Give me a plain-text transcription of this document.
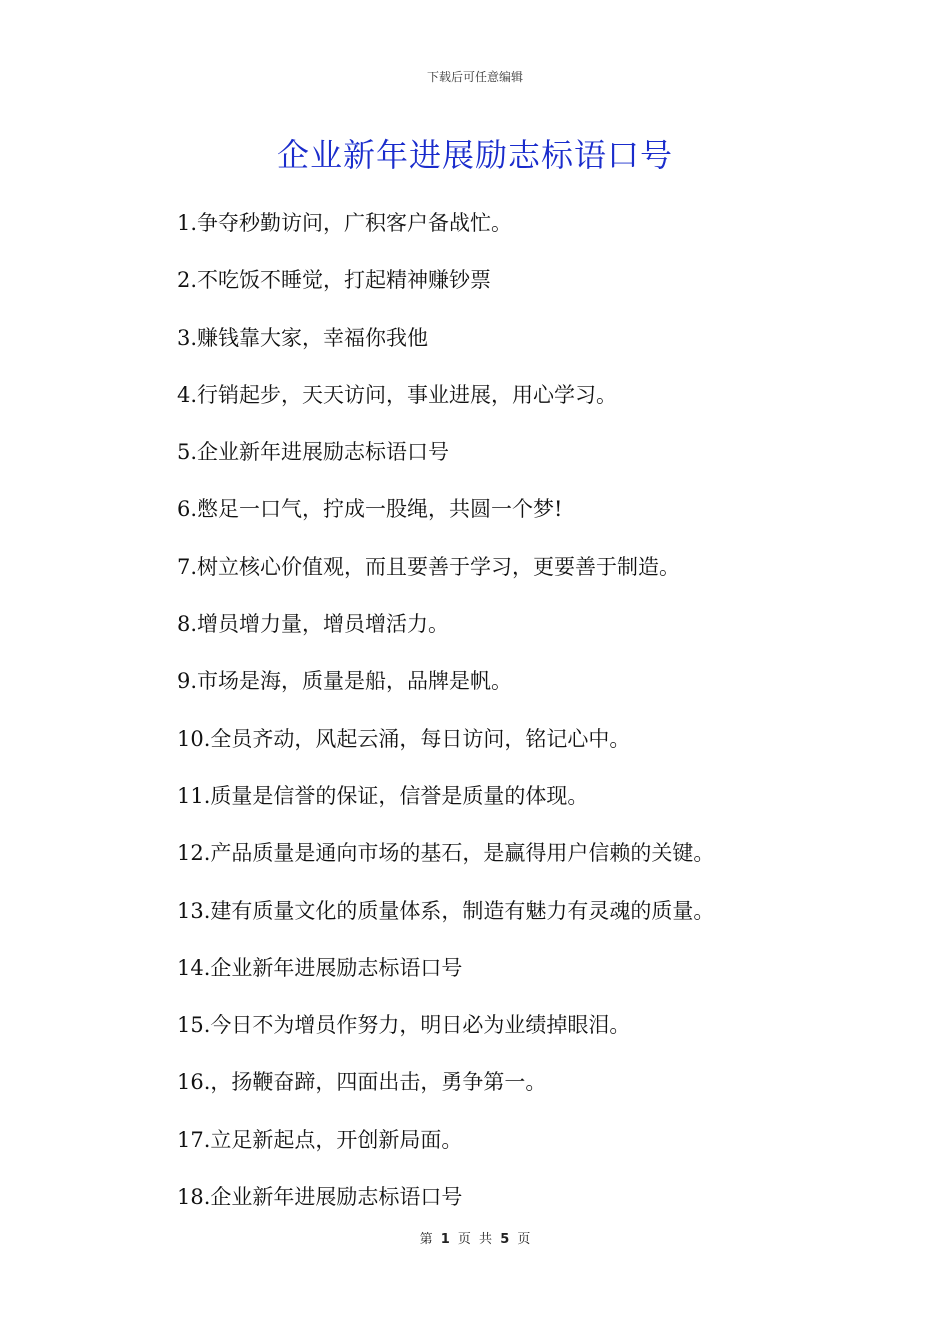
下载后可任意编辑
企业新年进展励志标语口号
1.争夺秒勤访问，广积客户备战忙。
2.不吃饭不睡觉，打起精神赚钞票
3.赚钱靠大家，幸福你我他
4.行销起步，天天访问，事业进展，用心学习。
5.企业新年进展励志标语口号
6.憋足一口气，拧成一股绳，共圆一个梦!
7.树立核心价值观，而且要善于学习，更要善于制造。
8.增员增力量，增员增活力。
9.市场是海，质量是船，品牌是帆。
10.全员齐动，风起云涌，每日访问，铭记心中。
11.质量是信誉的保证，信誉是质量的体现。
12.产品质量是通向市场的基石，是赢得用户信赖的关键。
13.建有质量文化的质量体系，制造有魅力有灵魂的质量。
14.企业新年进展励志标语口号
15.今日不为增员作努力，明日必为业绩掉眼泪。
16.，扬鞭奋蹄，四面出击，勇争第一。
17.立足新起点，开创新局面。
18.企业新年进展励志标语口号
第 1 页 共 5 页
